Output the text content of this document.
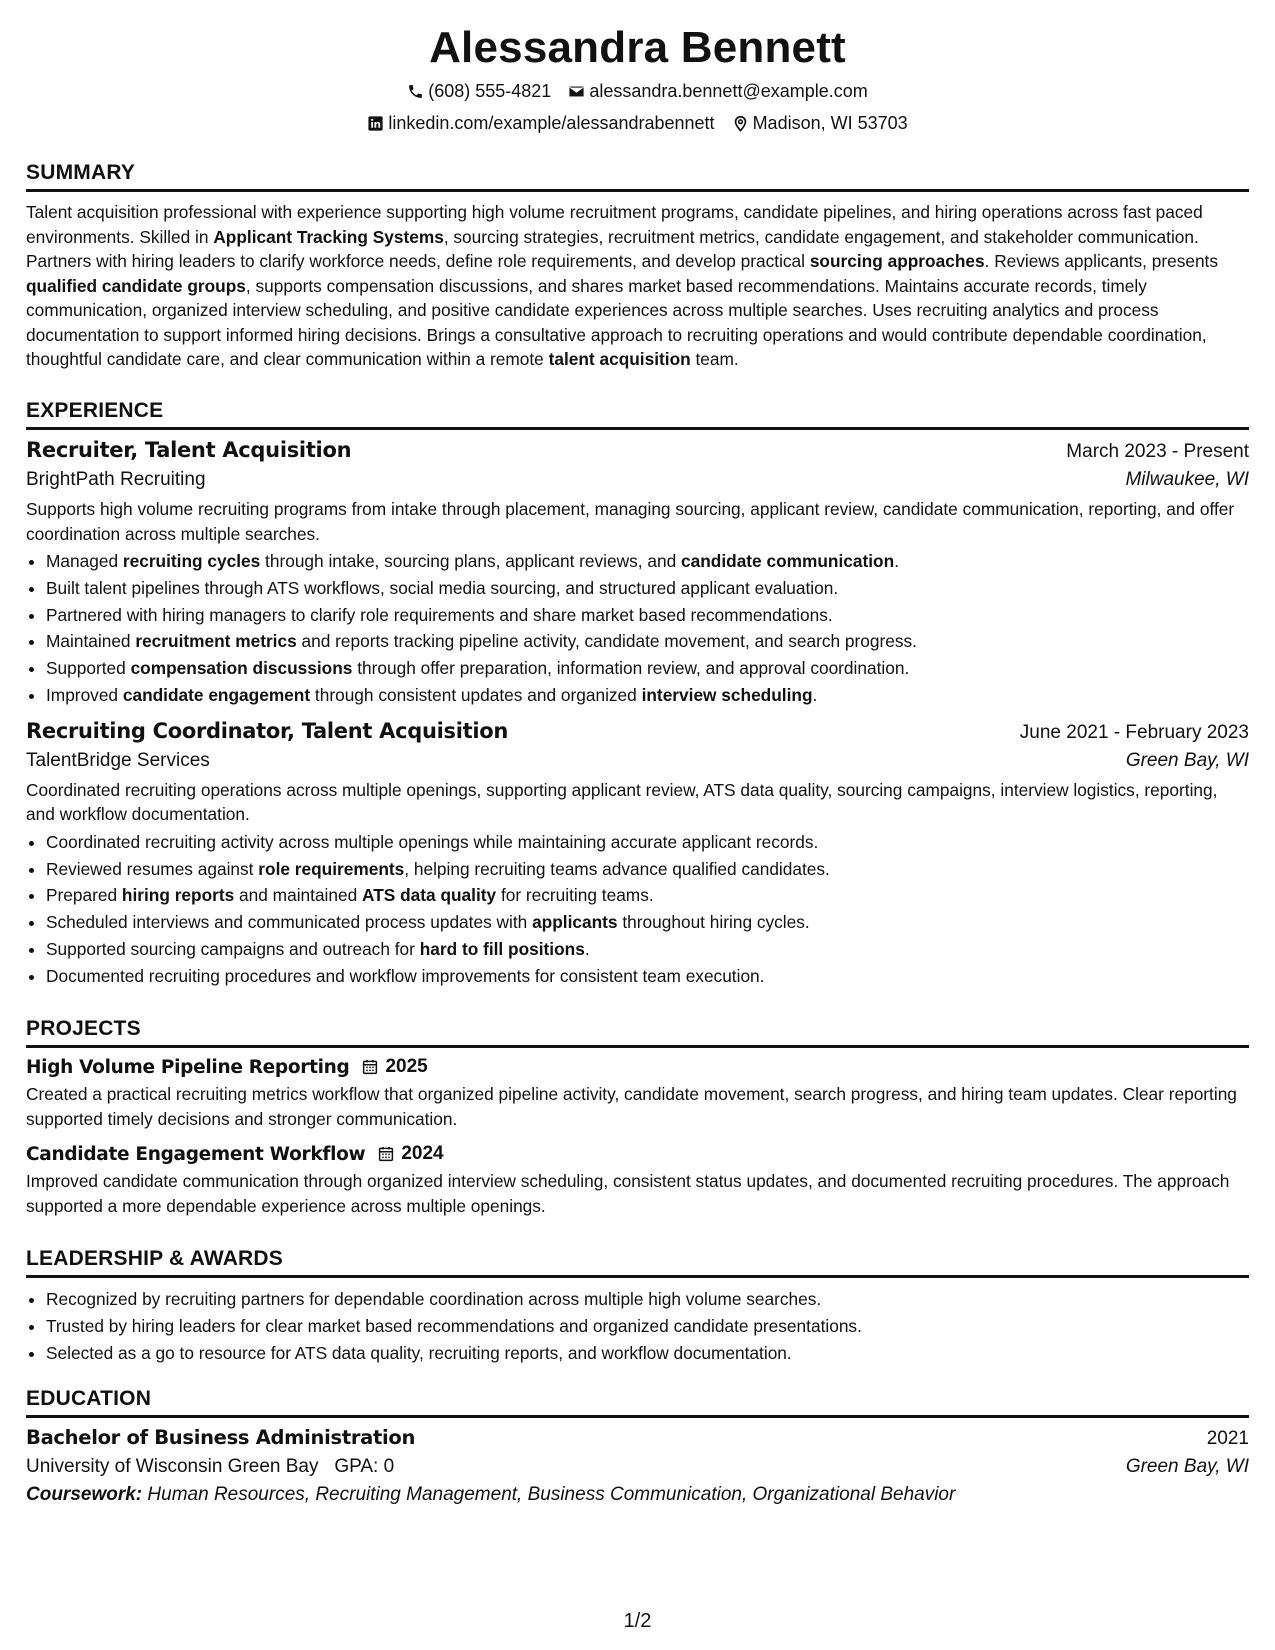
Alessandra Bennett
(608) 555-4821
alessandra.bennett@example.com
linkedin.com/example/alessandrabennett
Madison, WI 53703
SUMMARY

Talent acquisition professional with experience supporting high volume recruitment programs, candidate pipelines, and hiring operations across fast paced environments. Skilled in Applicant Tracking Systems, sourcing strategies, recruitment metrics, candidate engagement, and stakeholder communication. Partners with hiring leaders to clarify workforce needs, define role requirements, and develop practical sourcing approaches. Reviews applicants, presents qualified candidate groups, supports compensation discussions, and shares market based recommendations. Maintains accurate records, timely communication, organized interview scheduling, and positive candidate experiences across multiple searches. Uses recruiting analytics and process documentation to support informed hiring decisions. Brings a consultative approach to recruiting operations and would contribute dependable coordination, thoughtful candidate care, and clear communication within a remote talent acquisition team.

EXPERIENCE
Recruiter, Talent Acquisition	March 2023 - Present
BrightPath Recruiting	Milwaukee, WI

Supports high volume recruiting programs from intake through placement, managing sourcing, applicant review, candidate communication, reporting, and offer coordination across multiple searches.

• Managed recruiting cycles through intake, sourcing plans, applicant reviews, and candidate communication.
• Built talent pipelines through ATS workflows, social media sourcing, and structured applicant evaluation.
• Partnered with hiring managers to clarify role requirements and share market based recommendations.
• Maintained recruitment metrics and reports tracking pipeline activity, candidate movement, and search progress.
• Supported compensation discussions through offer preparation, information review, and approval coordination.
• Improved candidate engagement through consistent updates and organized interview scheduling.
Recruiting Coordinator, Talent Acquisition	June 2021 - February 2023
TalentBridge Services	Green Bay, WI

Coordinated recruiting operations across multiple openings, supporting applicant review, ATS data quality, sourcing campaigns, interview logistics, reporting, and workflow documentation.

• Coordinated recruiting activity across multiple openings while maintaining accurate applicant records.
• Reviewed resumes against role requirements, helping recruiting teams advance qualified candidates.
• Prepared hiring reports and maintained ATS data quality for recruiting teams.
• Scheduled interviews and communicated process updates with applicants throughout hiring cycles.
• Supported sourcing campaigns and outreach for hard to fill positions.
• Documented recruiting procedures and workflow improvements for consistent team execution.
PROJECTS
High Volume Pipeline Reporting 2025

Created a practical recruiting metrics workflow that organized pipeline activity, candidate movement, search progress, and hiring team updates. Clear reporting supported timely decisions and stronger communication.

Candidate Engagement Workflow 2024

Improved candidate communication through organized interview scheduling, consistent status updates, and documented recruiting procedures. The approach supported a more dependable experience across multiple openings.

LEADERSHIP & AWARDS
• Recognized by recruiting partners for dependable coordination across multiple high volume searches.
• Trusted by hiring leaders for clear market based recommendations and organized candidate presentations.
• Selected as a go to resource for ATS data quality, recruiting reports, and workflow documentation.
EDUCATION
Bachelor of Business Administration	2021
University of Wisconsin Green Bay GPA: 0	Green Bay, WI
Coursework: Human Resources, Recruiting Management, Business Communication, Organizational Behavior
1/2
